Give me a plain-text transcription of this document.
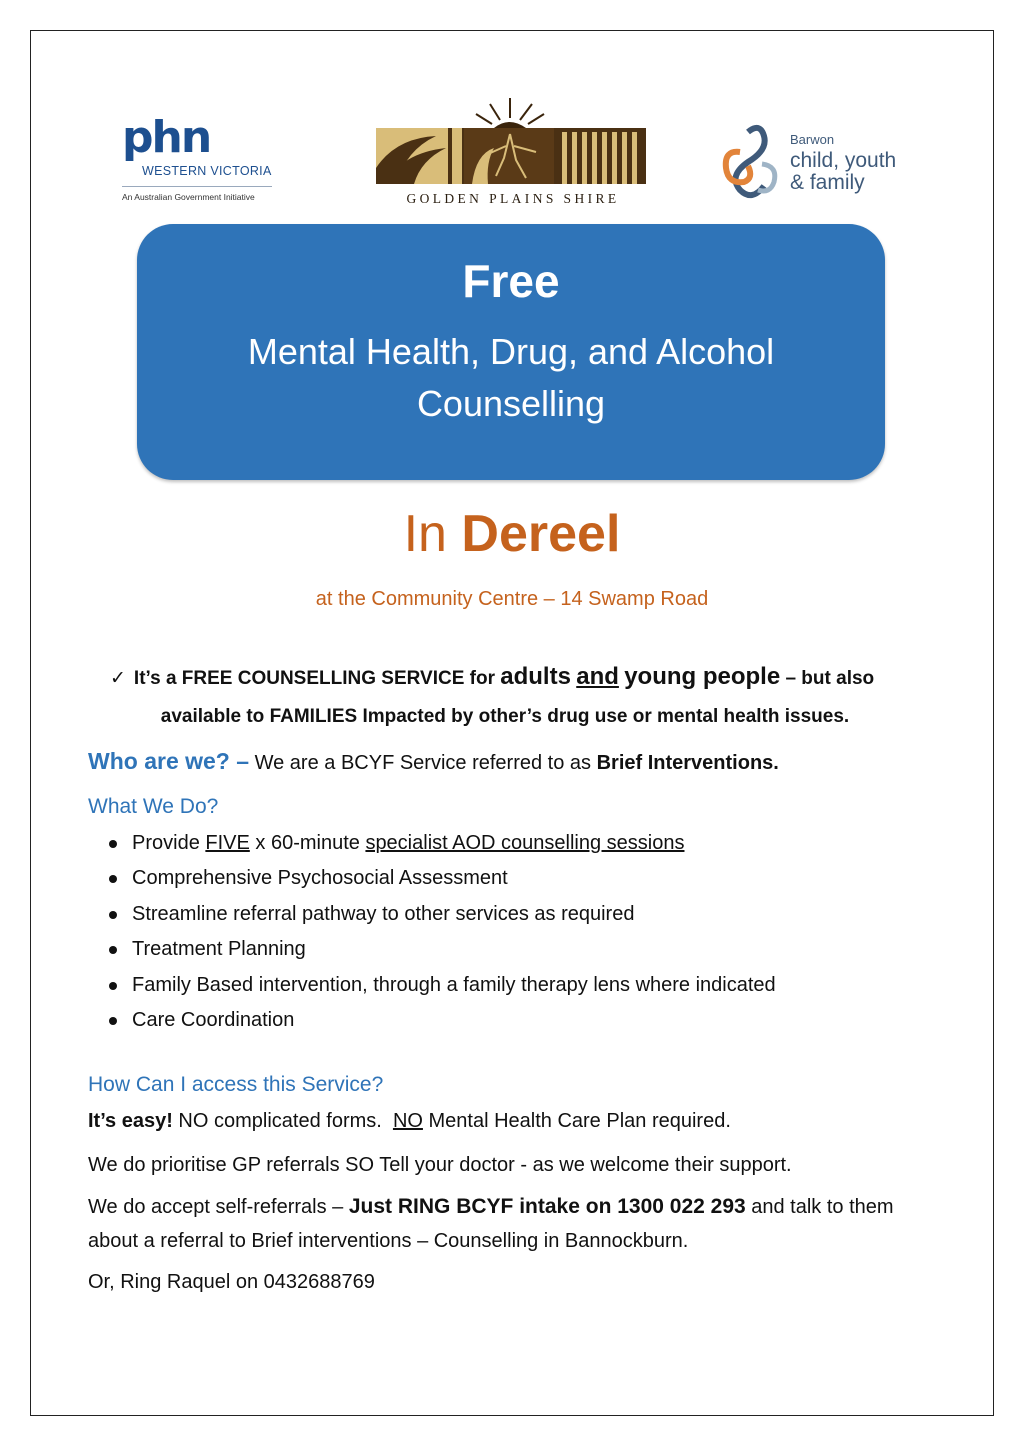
phn
WESTERN VICTORIA
An Australian Government Initiative	GOLDEN PLAINS SHIRE
Barwon
child, youth
& family
Free
Mental Health, Drug, and Alcohol
Counselling
In Dereel
at the Community Centre – 14 Swamp Road
✓ It’s a FREE COUNSELLING SERVICE for adults and young people – but also
available to FAMILIES Impacted by other’s drug use or mental health issues.
Who are we? – We are a BCYF Service referred to as Brief Interventions.
What We Do?
Provide FIVE x 60-minute specialist AOD counselling sessions
Comprehensive Psychosocial Assessment
Streamline referral pathway to other services as required
Treatment Planning
Family Based intervention, through a family therapy lens where indicated
Care Coordination
How Can I access this Service?
It’s easy! NO complicated forms.  NO Mental Health Care Plan required.
We do prioritise GP referrals SO Tell your doctor - as we welcome their support.
We do accept self-referrals – Just RING BCYF intake on 1300 022 293 and talk to them about a referral to Brief interventions – Counselling in Bannockburn.
Or, Ring Raquel on 0432688769
